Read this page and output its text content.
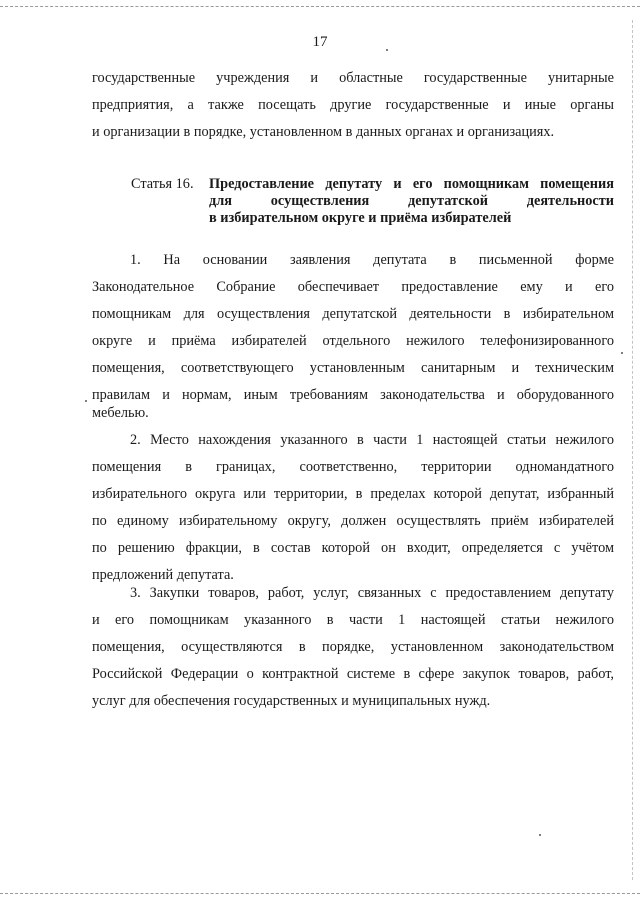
17
государственные учреждения и областные государственные унитарные
предприятия, а также посещать другие государственные и иные органы
и организации в порядке, установленном в данных органах и организациях.
Статья 16. Предоставление депутату и его помощникам помещения
для осуществления депутатской деятельности
в избирательном округе и приёма избирателей
1. На основании заявления депутата в письменной форме
Законодательное Собрание обеспечивает предоставление ему и его
помощникам для осуществления депутатской деятельности в избирательном
округе и приёма избирателей отдельного нежилого телефонизированного
помещения, соответствующего установленным санитарным и техническим
правилам и нормам, иным требованиям законодательства и оборудованного
мебелью.
2. Место нахождения указанного в части 1 настоящей статьи нежилого
помещения в границах, соответственно, территории одномандатного
избирательного округа или территории, в пределах которой депутат, избранный
по единому избирательному округу, должен осуществлять приём избирателей
по решению фракции, в состав которой он входит, определяется с учётом
предложений депутата.
3. Закупки товаров, работ, услуг, связанных с предоставлением депутату
и его помощникам указанного в части 1 настоящей статьи нежилого
помещения, осуществляются в порядке, установленном законодательством
Российской Федерации о контрактной системе в сфере закупок товаров, работ,
услуг для обеспечения государственных и муниципальных нужд.
